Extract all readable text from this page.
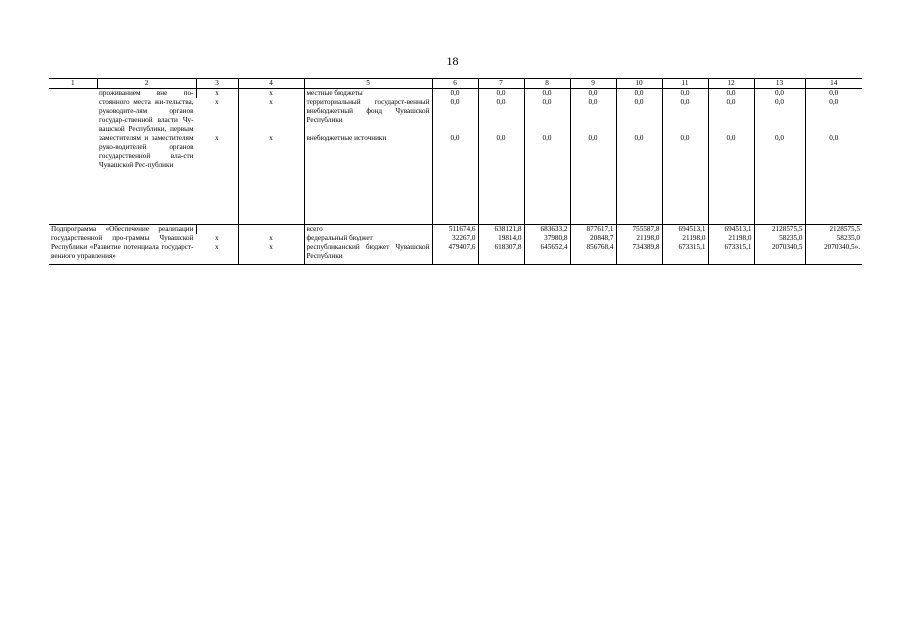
18
1	2	3	4	5	6	7	8	9	10	11	12	13	14
	проживанием вне по-стоянного места жи-тельства, руководите-лям органов государ-ственной власти Чу-вашской Республики, первым заместителям и заместителям руко-водителей органов государственной вла-сти Чувашской Рес-публики	x	x	местные бюджеты	0,0	0,0	0,0	0,0	0,0	0,0	0,0	0,0	0,0
		x	x	территориальный государст-венный внебюджетный фонд Чувашской Республики	0,0	0,0	0,0	0,0	0,0	0,0	0,0	0,0	0,0
		x	x	внебюджетные источники	0,0	0,0	0,0	0,0	0,0	0,0	0,0	0,0	0,0
Подпрограмма «Обеспечение реализации государственной про-граммы Чувашской Республики «Развитие потенциала государст-венного управления»				всего	511674,6	638121,8	683633,2	877617,1	755587,8	694513,1	694513,1	2128575,5	2128575,5
		x	x	федеральный бюджет	32267,0	19814,0	37980,8	20848,7	21198,0	21198,0	21198,0	58235,0	58235,0
		x	x	республиканский бюджет Чувашской Республики	479407,6	618307,8	645652,4	856768,4	734389,8	673315,1	673315,1	2070340,5	2070340,5».
